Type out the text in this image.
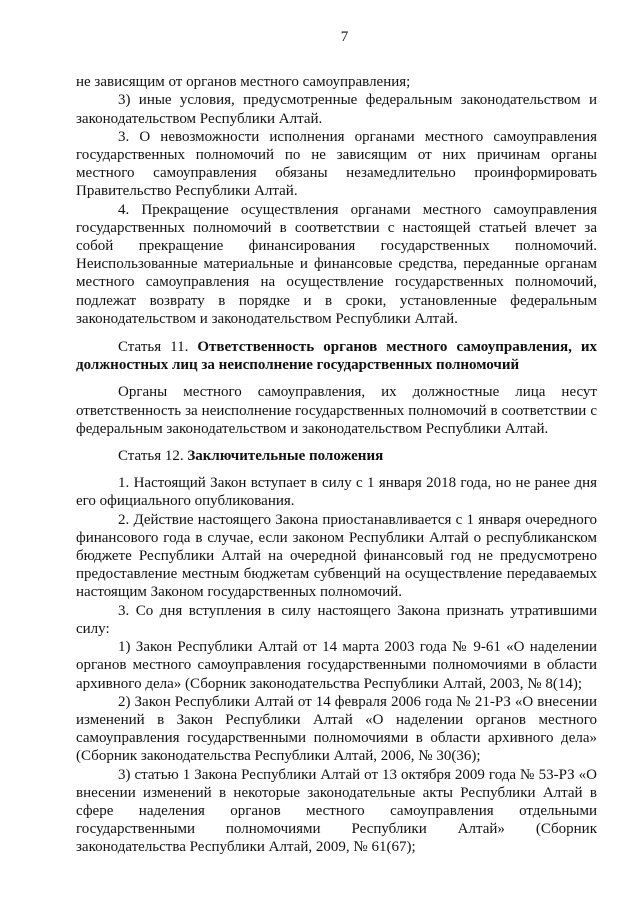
7

не зависящим от органов местного самоуправления;

3) иные условия, предусмотренные федеральным законодательством и законодательством Республики Алтай.

3. О невозможности исполнения органами местного самоуправления государственных полномочий по не зависящим от них причинам органы местного самоуправления обязаны незамедлительно проинформировать Правительство Республики Алтай.

4. Прекращение осуществления органами местного самоуправления государственных полномочий в соответствии с настоящей статьей влечет за собой прекращение финансирования государственных полномочий. Неиспользованные материальные и финансовые средства, переданные органам местного самоуправления на осуществление государственных полномочий, подлежат возврату в порядке и в сроки, установленные федеральным законодательством и законодательством Республики Алтай.

Статья 11. Ответственность органов местного самоуправления, их должностных лиц за неисполнение государственных полномочий

Органы местного самоуправления, их должностные лица несут ответственность за неисполнение государственных полномочий в соответствии с федеральным законодательством и законодательством Республики Алтай.

Статья 12. Заключительные положения

1. Настоящий Закон вступает в силу с 1 января 2018 года, но не ранее дня его официального опубликования.

2. Действие настоящего Закона приостанавливается с 1 января очередного финансового года в случае, если законом Республики Алтай о республиканском бюджете Республики Алтай на очередной финансовый год не предусмотрено предоставление местным бюджетам субвенций на осуществление передаваемых настоящим Законом государственных полномочий.

3. Со дня вступления в силу настоящего Закона признать утратившими силу:

1) Закон Республики Алтай от 14 марта 2003 года № 9-61 «О наделении органов местного самоуправления государственными полномочиями в области архивного дела» (Сборник законодательства Республики Алтай, 2003, № 8(14);

2) Закон Республики Алтай от 14 февраля 2006 года № 21-РЗ «О внесении изменений в Закон Республики Алтай «О наделении органов местного самоуправления государственными полномочиями в области архивного дела» (Сборник законодательства Республики Алтай, 2006, № 30(36);

3) статью 1 Закона Республики Алтай от 13 октября 2009 года № 53-РЗ «О внесении изменений в некоторые законодательные акты Республики Алтай в сфере наделения органов местного самоуправления отдельными государственными полномочиями Республики Алтай» (Сборник законодательства Республики Алтай, 2009, № 61(67);
